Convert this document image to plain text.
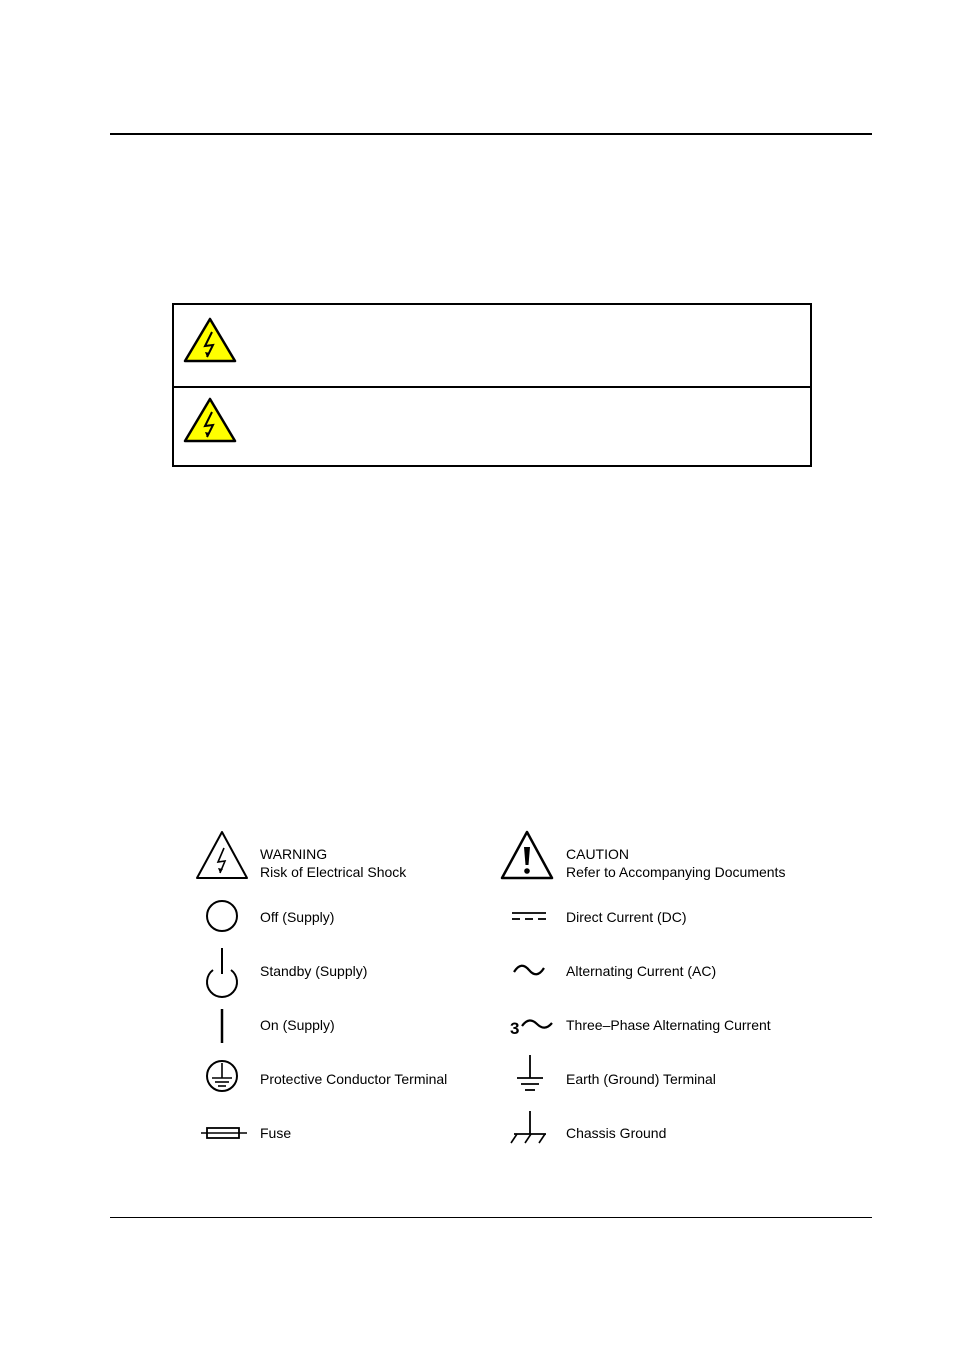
WARNING
Risk of Electrical Shock
Off (Supply)
Standby (Supply)
On (Supply)
Protective Conductor Terminal
Fuse
CAUTION
Refer to Accompanying Documents
Direct Current (DC)
Alternating Current (AC)
3	Three–Phase Alternating Current
Earth (Ground) Terminal
Chassis Ground
